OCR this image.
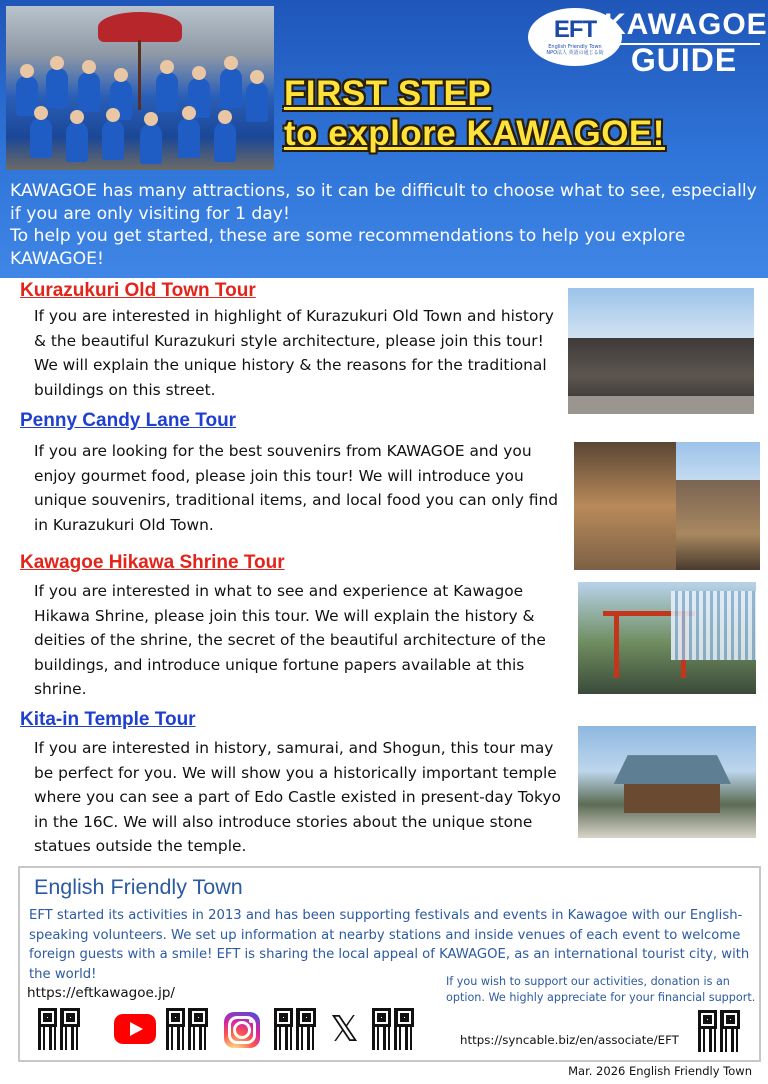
EFT
English Friendly Town
NPO法人 英語の通じる街
KAWAGOE
GUIDE
FIRST STEP
to explore KAWAGOE!

KAWAGOE has many attractions, so it can be difficult to choose what to see, especially if you are only visiting for 1 day!

To help you get started, these are some recommendations to help you explore KAWAGOE!

Kurazukuri Old Town Tour
If you are interested in highlight of Kurazukuri Old Town and history & the beautiful Kurazukuri style architecture, please join this tour! We will explain the unique history & the reasons for the traditional buildings on this street.
Penny Candy Lane Tour
If you are looking for the best souvenirs from KAWAGOE and you enjoy gourmet food, please join this tour! We will introduce you unique souvenirs, traditional items, and local food you can only find in Kurazukuri Old Town.
Kawagoe Hikawa Shrine Tour
If you are interested in what to see and experience at Kawagoe Hikawa Shrine, please join this tour. We will explain the history & deities of the shrine, the secret of the beautiful architecture of the buildings, and introduce unique fortune papers available at this shrine.
Kita-in Temple Tour
If you are interested in history, samurai, and Shogun, this tour may be perfect for you. We will show you a historically important temple where you can see a part of Edo Castle existed in present-day Tokyo in the 16C. We will also introduce stories about the unique stone statues outside the temple.
English Friendly Town
EFT started its activities in 2013 and has been supporting festivals and events in Kawagoe with our English-speaking volunteers. We set up information at nearby stations and inside venues of each event to welcome foreign guests with a smile! EFT is sharing the local appeal of KAWAGOE, as an international tourist city, with the world!
https://eftkawagoe.jp/
If you wish to support our activities, donation is an option. We highly appreciate for your financial support.
https://syncable.biz/en/associate/EFT
𝕏
Mar. 2026 English Friendly Town
